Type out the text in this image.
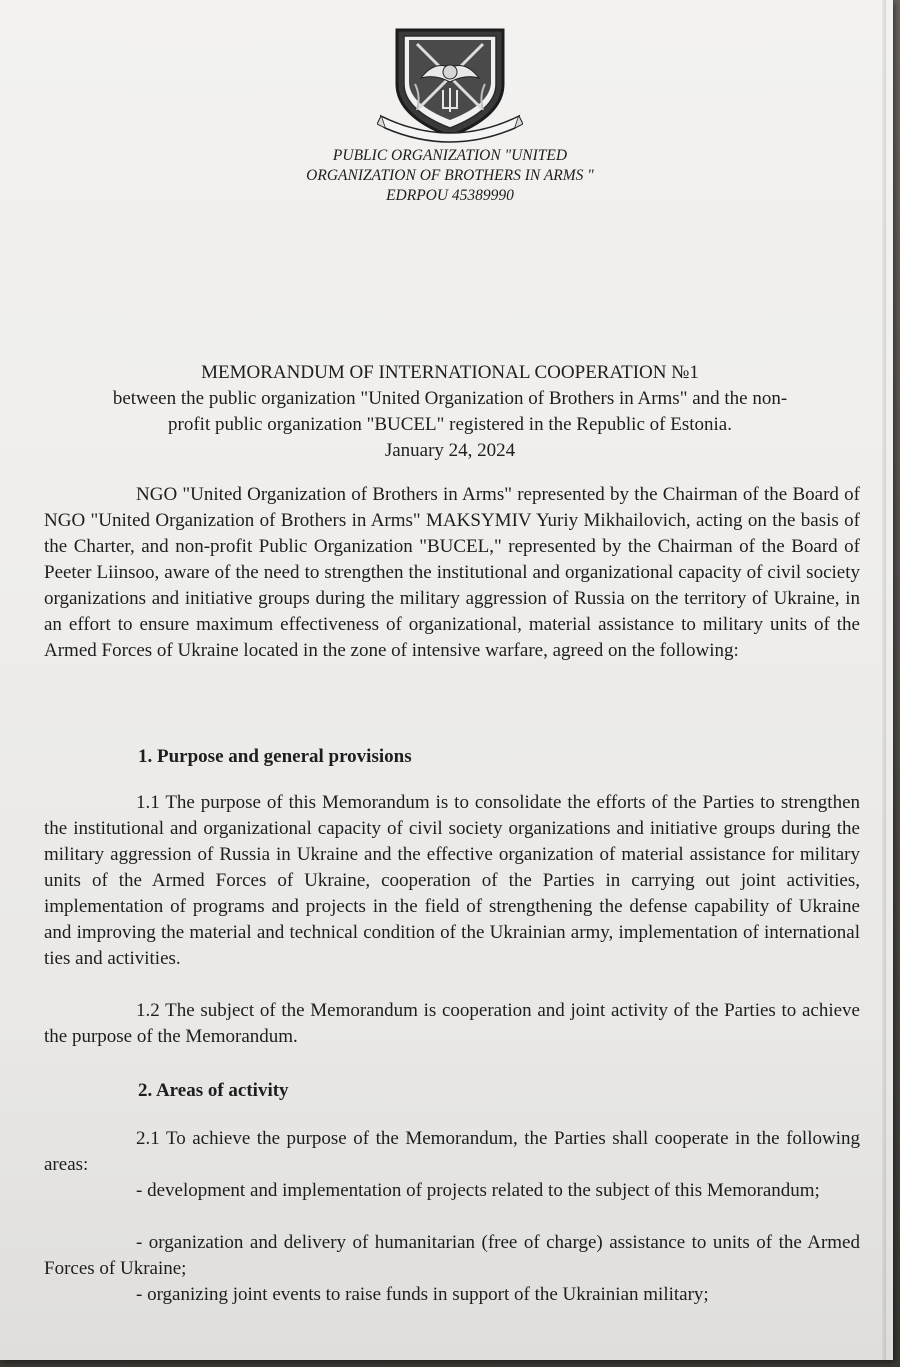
PUBLIC ORGANIZATION "UNITED
ORGANIZATION OF BROTHERS IN ARMS "
EDRPOU 45389990
MEMORANDUM OF INTERNATIONAL COOPERATION №1
between the public organization "United Organization of Brothers in Arms" and the non-
profit public organization "BUCEL" registered in the Republic of Estonia.
January 24, 2024

NGO "United Organization of Brothers in Arms" represented by the Chairman of the Board of NGO "United Organization of Brothers in Arms" MAKSYMIV Yuriy Mikhailovich, acting on the basis of the Charter, and non-profit Public Organization "BUCEL," represented by the Chairman of the Board of Peeter Liinsoo, aware of the need to strengthen the institutional and organizational capacity of civil society organizations and initiative groups during the military aggression of Russia on the territory of Ukraine, in an effort to ensure maximum effectiveness of organizational, material assistance to military units of the Armed Forces of Ukraine located in the zone of intensive warfare, agreed on the following:

1. Purpose and general provisions

1.1 The purpose of this Memorandum is to consolidate the efforts of the Parties to strengthen the institutional and organizational capacity of civil society organizations and initiative groups during the military aggression of Russia in Ukraine and the effective organization of material assistance for military units of the Armed Forces of Ukraine, cooperation of the Parties in carrying out joint activities, implementation of programs and projects in the field of strengthening the defense capability of Ukraine and improving the material and technical condition of the Ukrainian army, implementation of international ties and activities.

1.2 The subject of the Memorandum is cooperation and joint activity of the Parties to achieve the purpose of the Memorandum.

2. Areas of activity

2.1 To achieve the purpose of the Memorandum, the Parties shall cooperate in the following areas:

- development and implementation of projects related to the subject of this Memorandum;

- organization and delivery of humanitarian (free of charge) assistance to units of the Armed Forces of Ukraine;

- organizing joint events to raise funds in support of the Ukrainian military;
